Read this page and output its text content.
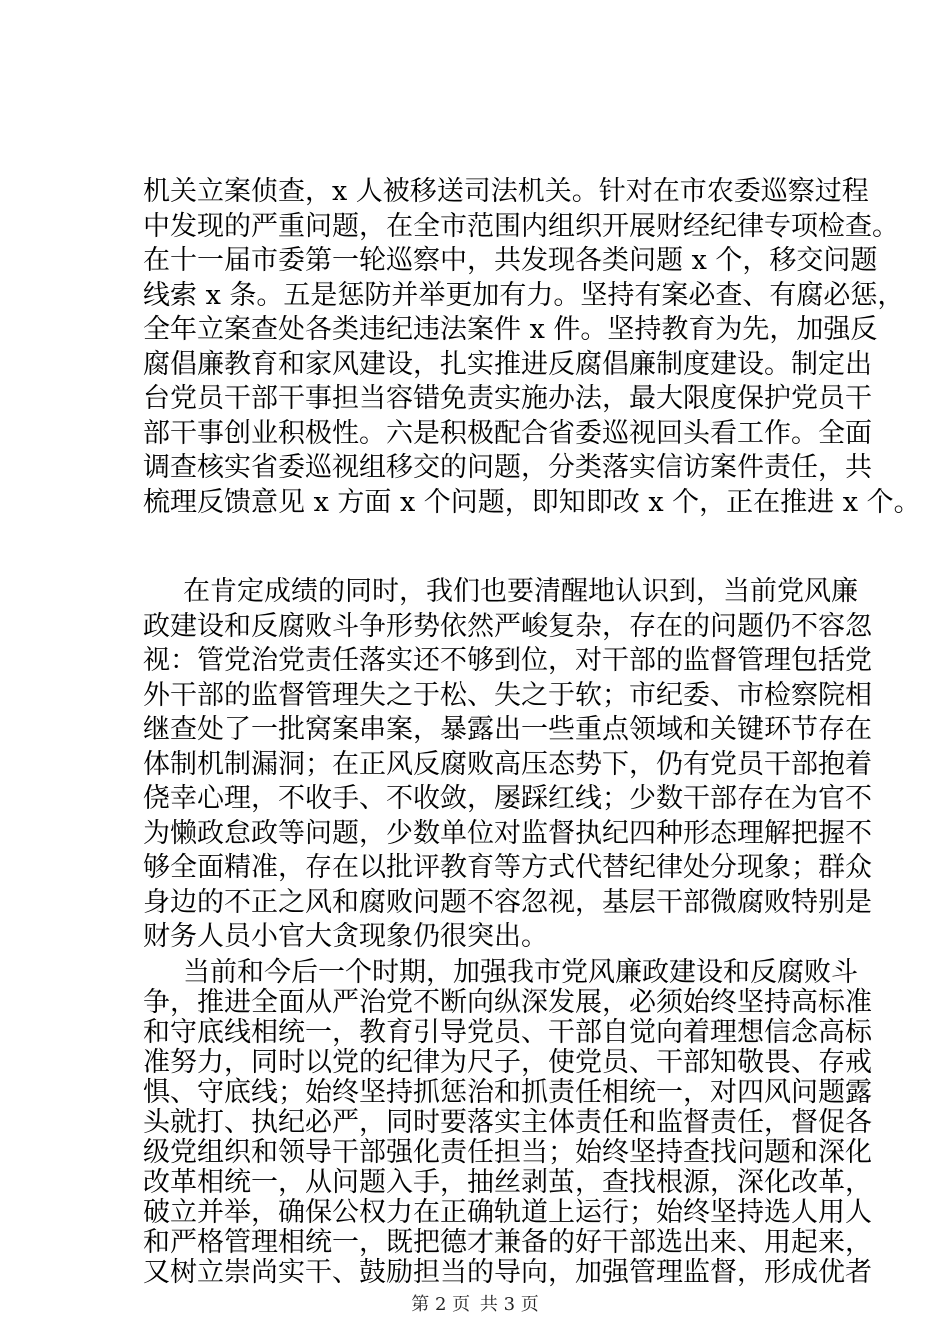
机关立案侦查，x 人被移送司法机关。针对在市农委巡察过程
中发现的严重问题，在全市范围内组织开展财经纪律专项检查。
在十一届市委第一轮巡察中，共发现各类问题 x 个，移交问题
线索 x 条。五是惩防并举更加有力。坚持有案必查、有腐必惩，
全年立案查处各类违纪违法案件 x 件。坚持教育为先，加强反
腐倡廉教育和家风建设，扎实推进反腐倡廉制度建设。制定出
台党员干部干事担当容错免责实施办法，最大限度保护党员干
部干事创业积极性。六是积极配合省委巡视回头看工作。全面
调查核实省委巡视组移交的问题，分类落实信访案件责任，共
梳理反馈意见 x 方面 x 个问题，即知即改 x 个，正在推进 x 个。
在肯定成绩的同时，我们也要清醒地认识到，当前党风廉
政建设和反腐败斗争形势依然严峻复杂，存在的问题仍不容忽
视：管党治党责任落实还不够到位，对干部的监督管理包括党
外干部的监督管理失之于松、失之于软；市纪委、市检察院相
继查处了一批窝案串案，暴露出一些重点领域和关键环节存在
体制机制漏洞；在正风反腐败高压态势下，仍有党员干部抱着
侥幸心理，不收手、不收敛，屡踩红线；少数干部存在为官不
为懒政怠政等问题，少数单位对监督执纪四种形态理解把握不
够全面精准，存在以批评教育等方式代替纪律处分现象；群众
身边的不正之风和腐败问题不容忽视，基层干部微腐败特别是
财务人员小官大贪现象仍很突出。
当前和今后一个时期，加强我市党风廉政建设和反腐败斗
争，推进全面从严治党不断向纵深发展，必须始终坚持高标准
和守底线相统一，教育引导党员、干部自觉向着理想信念高标
准努力，同时以党的纪律为尺子，使党员、干部知敬畏、存戒
惧、守底线；始终坚持抓惩治和抓责任相统一，对四风问题露
头就打、执纪必严，同时要落实主体责任和监督责任，督促各
级党组织和领导干部强化责任担当；始终坚持查找问题和深化
改革相统一，从问题入手，抽丝剥茧，查找根源，深化改革，
破立并举，确保公权力在正确轨道上运行；始终坚持选人用人
和严格管理相统一，既把德才兼备的好干部选出来、用起来，
又树立崇尚实干、鼓励担当的导向，加强管理监督，形成优者
第 2 页 共 3 页
